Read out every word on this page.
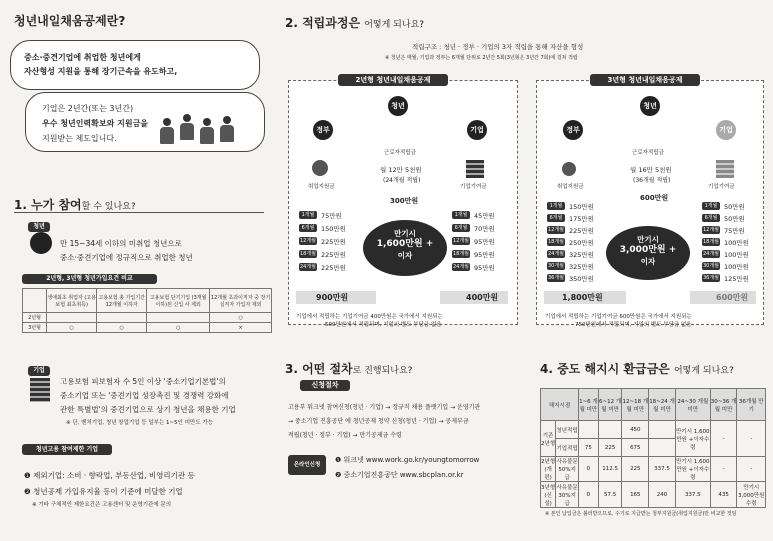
청년내일채움공제란?
중소·중견기업에 취업한 청년에게
자산형성 지원을 통해 장기근속을 유도하고,
기업은 2년간(또는 3년간)
우수 청년인력확보와 지원금을
지원받는 제도입니다.
1. 누가 참여할 수 있나요?
청년
만 15~34세 이하의 미취업 청년으로
중소·중견기업에 정규직으로 취업한 청년
2년형, 3년형 청년가입요건 비교
	생애최초 취업자 (고용보험 최초취득)	고용보험 총 가입기간 12개월 이하자	고용보험 단기기입 (3개월 이하)된 신입 사 제외	12개월 초과이직자 중 장기실직자 가입자 제외
2년형				○
3년형	○	○	○	×
기업
고용보험 피보험자 수 5인 이상 '중소기업기본법'의
중소기업 또는 '중견기업 성장촉진 및 경쟁력 강화에
관한 특별법'의 중견기업으로 상기 청년을 채용한 기업
※ 단, 벤처기업, 청년 창업기업 등 일부는 1~5인 미만도 가능
청년고용 참여제한 기업
❶ 제외기업: 소비 · 향락업, 부동산업, 비영리기관 등
❷ 청년공제 가입유지율 등이 기준에 미달한 기업
※ 기타 구체적인 제한요건은 고용센터 및 운영기관에 문의
2. 적립과정은 어떻게 되나요?
적립구조 : 청년 · 정부 · 기업의 3자 적립을 통해 자산을 형성
※ 청년은 매월, 기업과 정부는 6개월 단위로 2년간 5회(3년형은 3년간 7회)에 걸쳐 적립
2년형 청년내일채움공제
청년
정부	기업
근로자적립금
취업지원금	기업기여금
월 12만 5천원
(24개월 적립)
300만원
1개월	75만원
6개월	150만원
12개월 225만원
18개월 225만원
24개월 225만원
1개월	45만원
6개월	70만원
12개월 95만원
18개월 95만원
24개월 95만원
만기시
1,600만원 +
이자
900만원	400만원
기업에서 적립하는 기업기여금 400만원은 국가에서 지원되는
500만원에서 적립되며, 기업의 별도 부담금 없음
3년형 청년내일채움공제
청년
정부	기업
근로자적립금
취업지원금	기업기여금
월 16만 5천원
(36개월 적립)
600만원
1개월	150만원
6개월	175만원
12개월 225만원
18개월 250만원
24개월 325만원
30개월 325만원
36개월 350만원
1개월	50만원
6개월	50만원
12개월 75만원
18개월 100만원
24개월 100만원
30개월 100만원
36개월 125만원
만기시
3,000만원 +
이자
1,800만원	600만원
기업에서 적립하는 기업기여금 600만원은 국가에서 지원되는
750만원에서 적립되며, 기업의 별도 부담금 없음
3. 어떤 절차로 진행되나요?
신청절차
고용부 워크넷 참여신청(청년 · 기업) → 정규직 채용 플랫기입 → 운영기관
→ 중소기업 진흥공단 에 청년공제 청약 신청(청년 · 기업) → 공제부금
적립(청년 · 정부 · 기업) → 만기공제금 수령
온라인신청
❶ 워크넷 www.work.go.kr/youngtomorrow
❷ 중소기업진흥공단 www.sbcplan.or.kr
4. 중도 해지시 환급금은 어떻게 되나요?
해지시점		1~6 개월 미만	6~12 개월 미만	12~18 개월 미만	18~24 개월 미만	24~30 개월 미만	30~36 개월 미만	36개월 만기
기존 2년형	청년적립			450		만기시 1,600만원 +이자수령	-	-
	기업적립	75	225	675				
2년형 (개편)	사유불문 50%지급	0	112.5	225	337.5	만기시 1,600만원 +이자수령	-	-
3년형 (신설)	사유불문 30%지급	0	57.5	165	240	337.5	435	만기시 3,000만원 수령
※ 본인 납입금은 불러받으므로, 수기로 지급받는 청부지원금(취업지원금)만 비교한 것임
